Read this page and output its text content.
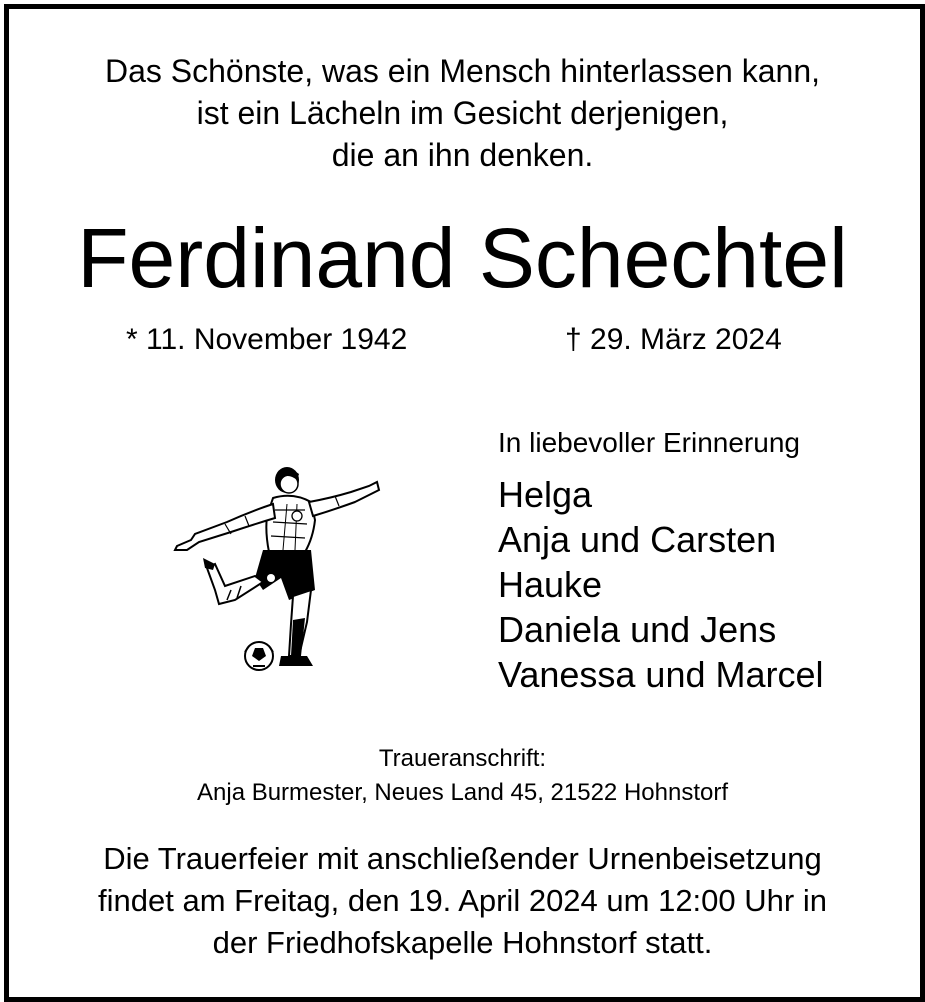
Das Schönste, was ein Mensch hinterlassen kann,
ist ein Lächeln im Gesicht derjenigen,
die an ihn denken.
Ferdinand Schechtel
* 11. November 1942	† 29. März 2024
In liebevoller Erinnerung
Helga
Anja und Carsten
Hauke
Daniela und Jens
Vanessa und Marcel
Traueranschrift:
Anja Burmester, Neues Land 45, 21522 Hohnstorf
Die Trauerfeier mit anschließender Urnenbeisetzung
findet am Freitag, den 19. April 2024 um 12:00 Uhr in
der Friedhofskapelle Hohnstorf statt.
